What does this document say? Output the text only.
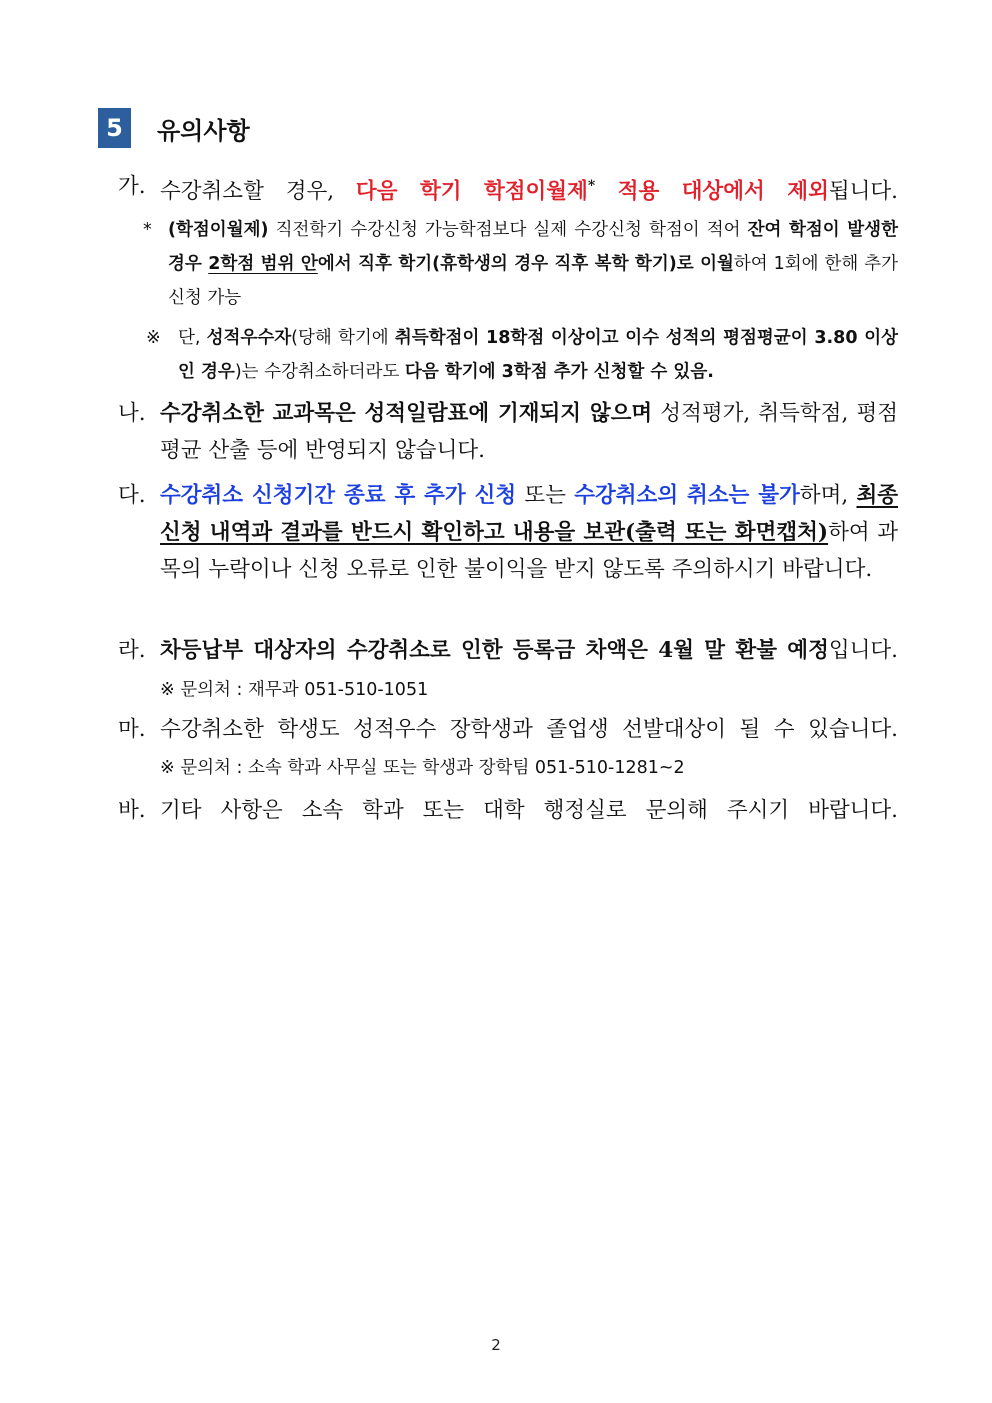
5	유의사항
가. 수강취소할 경우, 다음 학기 학점이월제* 적용 대상에서 제외됩니다.
* (학점이월제) 직전학기 수강신청 가능학점보다 실제 수강신청 학점이 적어 잔여 학점이 발생한 경우 2학점 범위 안에서 직후 학기(휴학생의 경우 직후 복학 학기)로 이월하여 1회에 한해 추가 신청 가능
※ 단, 성적우수자(당해 학기에 취득학점이 18학점 이상이고 이수 성적의 평점평균이 3.80 이상인 경우)는 수강취소하더라도 다음 학기에 3학점 추가 신청할 수 있음.
나. 수강취소한 교과목은 성적일람표에 기재되지 않으며 성적평가, 취득학점, 평점평균 산출 등에 반영되지 않습니다.
다. 수강취소 신청기간 종료 후 추가 신청 또는 수강취소의 취소는 불가하며, 최종 신청 내역과 결과를 반드시 확인하고 내용을 보관(출력 또는 화면캡처)하여 과목의 누락이나 신청 오류로 인한 불이익을 받지 않도록 주의하시기 바랍니다.
라. 차등납부 대상자의 수강취소로 인한 등록금 차액은 4월 말 환불 예정입니다.
※ 문의처 : 재무과 051-510-1051
마. 수강취소한 학생도 성적우수 장학생과 졸업생 선발대상이 될 수 있습니다.
※ 문의처 : 소속 학과 사무실 또는 학생과 장학팀 051-510-1281~2
바. 기타 사항은 소속 학과 또는 대학 행정실로 문의해 주시기 바랍니다.
2
